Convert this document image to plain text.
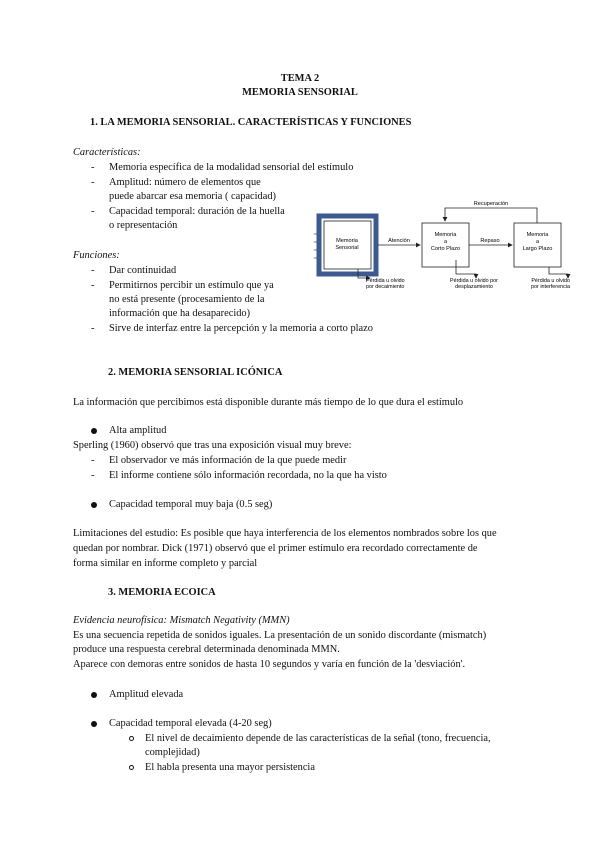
TEMA 2
MEMORIA SENSORIAL
1. LA MEMORIA SENSORIAL. CARACTERÍSTICAS Y FUNCIONES
Características:
-	Memoria específica de la modalidad sensorial del estímulo
-	Amplitud: número de elementos que
puede abarcar esa memoria ( capacidad)
-	Capacidad temporal: duración de la huella
o representación
Funciones:
-	Dar continuidad
-	Permitirnos percibir un estímulo que ya
no está presente (procesamiento de la
información que ha desaparecido)
-	Sirve de interfaz entre la percepción y la memoria a corto plazo
Memoria
Sensorial
Atención
Memoria
a
Corto Plazo
Repaso
Memoria
a
Largo Plazo
Recuperación
Pérdida u olvido
por decaimiento
Pérdida u olvido por
desplazamiento
Pérdida u olvido
por interferencia
2. MEMORIA SENSORIAL ICÓNICA
La información que percibimos está disponible durante más tiempo de lo que dura el estímulo
Alta amplitud
Sperling (1960) observó que tras una exposición visual muy breve:
-	El observador ve más información de la que puede medir
-	El informe contiene sólo información recordada, no la que ha visto
Capacidad temporal muy baja (0.5 seg)
Limitaciones del estudio: Es posible que haya interferencia de los elementos nombrados sobre los que
quedan por nombrar. Dick (1971) observó que el primer estímulo era recordado correctamente de
forma similar en informe completo y parcial
3. MEMORIA ECOICA
Evidencia neurofísica: Mismatch Negativity (MMN)
Es una secuencia repetida de sonidos iguales. La presentación de un sonido discordante (mismatch)
produce una respuesta cerebral determinada denominada MMN.
Aparece con demoras entre sonidos de hasta 10 segundos y varía en función de la 'desviación'.
Amplitud elevada
Capacidad temporal elevada (4-20 seg)
El nivel de decaimiento depende de las características de la señal (tono, frecuencia,
complejidad)
El habla presenta una mayor persistencia
